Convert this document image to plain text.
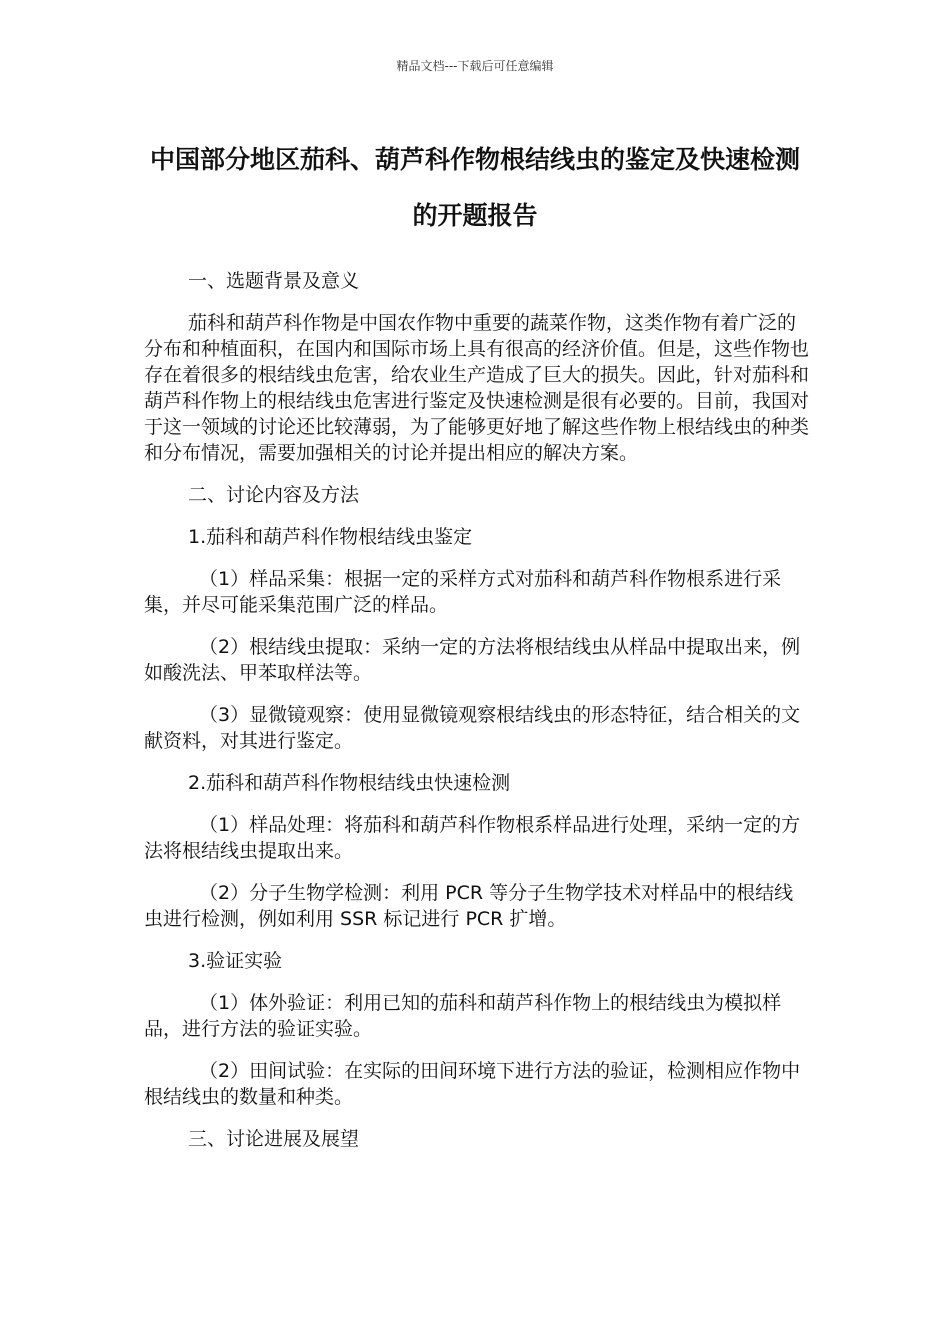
精品文档---下载后可任意编辑
中国部分地区茄科、葫芦科作物根结线虫的鉴定及快速检测的开题报告

一、选题背景及意义

茄科和葫芦科作物是中国农作物中重要的蔬菜作物，这类作物有着广泛的分布和种植面积，在国内和国际市场上具有很高的经济价值。但是，这些作物也存在着很多的根结线虫危害，给农业生产造成了巨大的损失。因此，针对茄科和葫芦科作物上的根结线虫危害进行鉴定及快速检测是很有必要的。目前，我国对于这一领域的讨论还比较薄弱，为了能够更好地了解这些作物上根结线虫的种类和分布情况，需要加强相关的讨论并提出相应的解决方案。

二、讨论内容及方法

1.茄科和葫芦科作物根结线虫鉴定

（1）样品采集：根据一定的采样方式对茄科和葫芦科作物根系进行采集，并尽可能采集范围广泛的样品。

（2）根结线虫提取：采纳一定的方法将根结线虫从样品中提取出来，例如酸洗法、甲苯取样法等。

（3）显微镜观察：使用显微镜观察根结线虫的形态特征，结合相关的文献资料，对其进行鉴定。

2.茄科和葫芦科作物根结线虫快速检测

（1）样品处理：将茄科和葫芦科作物根系样品进行处理，采纳一定的方法将根结线虫提取出来。

（2）分子生物学检测：利用 PCR 等分子生物学技术对样品中的根结线虫进行检测，例如利用 SSR 标记进行 PCR 扩增。

3.验证实验

（1）体外验证：利用已知的茄科和葫芦科作物上的根结线虫为模拟样品，进行方法的验证实验。

（2）田间试验：在实际的田间环境下进行方法的验证，检测相应作物中根结线虫的数量和种类。

三、讨论进展及展望
